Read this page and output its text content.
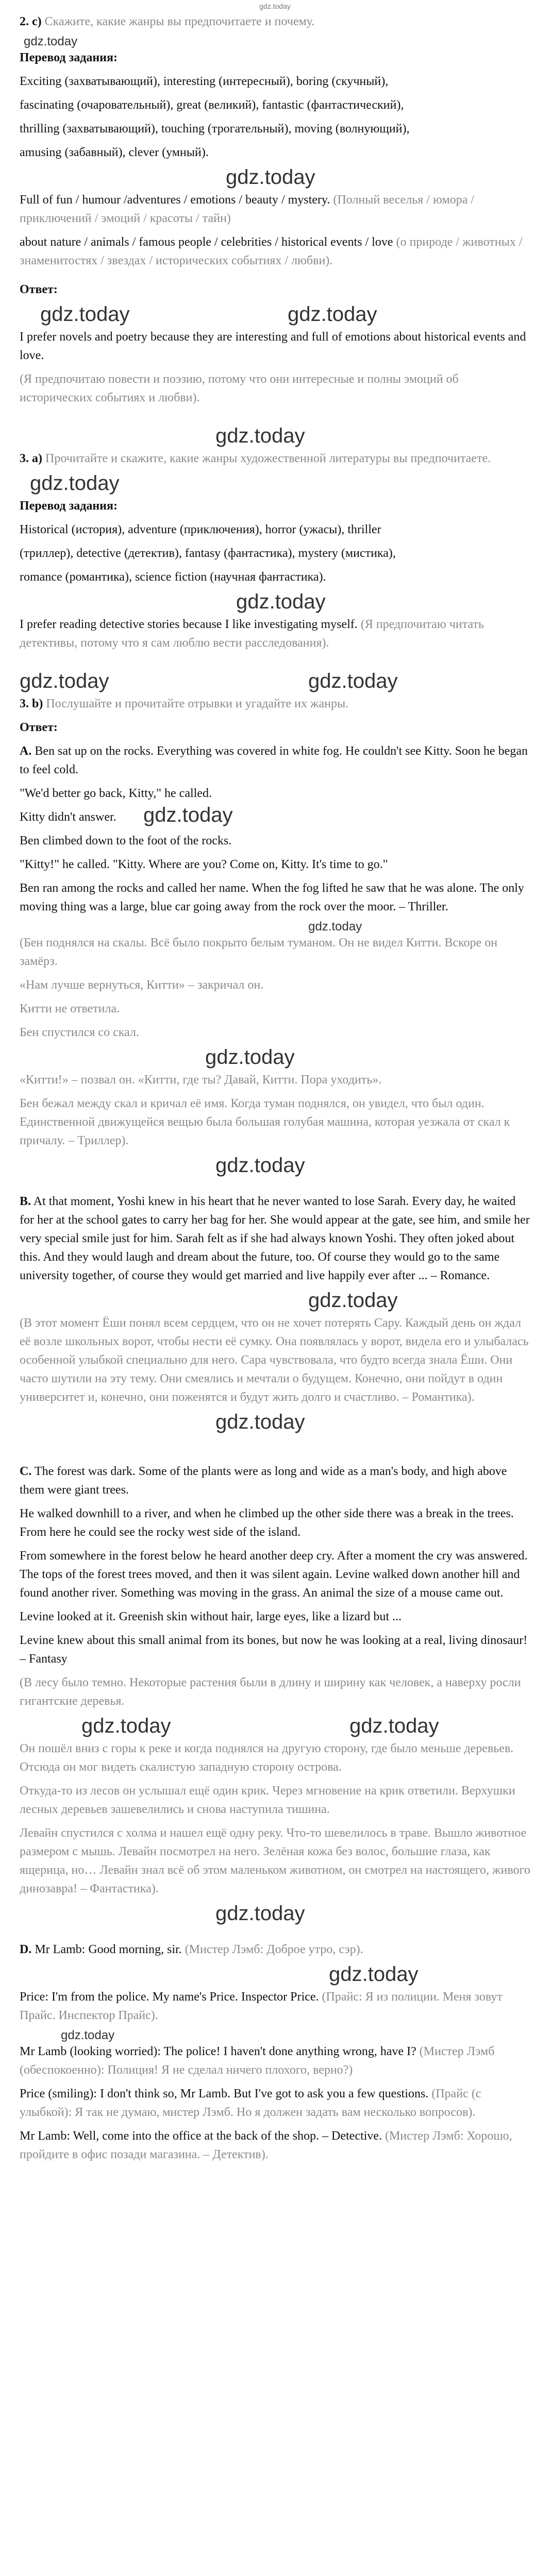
gdz.today

2. c) Скажите, какие жанры вы предпочитаете и почему.

gdz.today

Перевод задания:

Exciting (захватывающий), interesting (интересный), boring (скучный),

fascinating (очаровательный), great (великий), fantastic (фантастический),

thrilling (захватывающий), touching (трогательный), moving (волнующий),

amusing (забавный), clever (умный).

gdz.today

Full of fun / humour /adventures / emotions / beauty / mystery. (Полный веселья / юмора / приключений / эмоций / красоты / тайн)

about nature / animals / famous people / celebrities / historical events / love (о природе / животных / знаменитостях / звездах / исторических событиях / любви).

Ответ:

gdz.today	gdz.today

I prefer novels and poetry because they are interesting and full of emotions about historical events and love.

(Я предпочитаю повести и поэзию, потому что они интересные и полны эмоций об исторических событиях и любви).

gdz.today

3. a) Прочитайте и скажите, какие жанры художественной литературы вы предпочитаете.

gdz.today

Перевод задания:

Historical (история), adventure (приключения), horror (ужасы), thriller

(триллер), detective (детектив), fantasy (фантастика), mystery (мистика),

romance (романтика), science fiction (научная фантастика).

gdz.today

I prefer reading detective stories because I like investigating myself. (Я предпочитаю читать детективы, потому что я сам люблю вести расследования).

gdz.today	gdz.today

3. b) Послушайте и прочитайте отрывки и угадайте их жанры.

Ответ:

A. Ben sat up on the rocks. Everything was covered in white fog. He couldn't see Kitty. Soon he began to feel cold.

"We'd better go back, Kitty," he called.

Kitty didn't answer.	gdz.today

Ben climbed down to the foot of the rocks.

"Kitty!" he called. "Kitty. Where are you? Come on, Kitty. It's time to go."

Ben ran among the rocks and called her name. When the fog lifted he saw that he was alone. The only moving thing was a large, blue car going away from the rock over the moor. – Thriller.

gdz.today

(Бен поднялся на скалы. Всё было покрыто белым туманом. Он не видел Китти. Вскоре он замёрз.

«Нам лучше вернуться, Китти» – закричал он.

Китти не ответила.

Бен спустился со скал.

gdz.today

«Китти!» – позвал он. «Китти, где ты? Давай, Китти. Пора уходить».

Бен бежал между скал и кричал её имя. Когда туман поднялся, он увидел, что был один. Единственной движущейся вещью была большая голубая машина, которая уезжала от скал к причалу. – Триллер).

gdz.today

B. At that moment, Yoshi knew in his heart that he never wanted to lose Sarah. Every day, he waited for her at the school gates to carry her bag for her. She would appear at the gate, see him, and smile her very special smile just for him. Sarah felt as if she had always known Yoshi. They often joked about this. And they would laugh and dream about the future, too. Of course they would go to the same university together, of course they would get married and live happily ever after ... – Romance.

gdz.today

(В этот момент Ёши понял всем сердцем, что он не хочет потерять Сару. Каждый день он ждал её возле школьных ворот, чтобы нести её сумку. Она появлялась у ворот, видела его и улыбалась особенной улыбкой специально для него. Сара чувствовала, что будто всегда знала Ёши. Они часто шутили на эту тему. Они смеялись и мечтали о будущем. Конечно, они пойдут в один университет и, конечно, они поженятся и будут жить долго и счастливо. – Романтика).

gdz.today

C. The forest was dark. Some of the plants were as long and wide as a man's body, and high above them were giant trees.

He walked downhill to a river, and when he climbed up the other side there was a break in the trees. From here he could see the rocky west side of the island.

From somewhere in the forest below he heard another deep cry. After a moment the cry was answered. The tops of the forest trees moved, and then it was silent again. Levine walked down another hill and found another river. Something was moving in the grass. An animal the size of a mouse came out.

Levine looked at it. Greenish skin without hair, large eyes, like a lizard but ...

Levine knew about this small animal from its bones, but now he was looking at a real, living dinosaur! – Fantasy

(В лесу было темно. Некоторые растения были в длину и ширину как человек, а наверху росли гигантские деревья.

gdz.today	gdz.today

Он пошёл вниз с горы к реке и когда поднялся на другую сторону, где было меньше деревьев. Отсюда он мог видеть скалистую западную сторону острова.

Откуда-то из лесов он услышал ещё один крик. Через мгновение на крик ответили. Верхушки лесных деревьев зашевелились и снова наступила тишина.

Левайн спустился с холма и нашел ещё одну реку. Что-то шевелилось в траве. Вышло животное размером с мышь. Левайн посмотрел на него. Зелёная кожа без волос, большие глаза, как ящерица, но… Левайн знал всё об этом маленьком животном, он смотрел на настоящего, живого динозавра! – Фантастика).

gdz.today

D. Mr Lamb: Good morning, sir. (Мистер Лэмб: Доброе утро, сэр).

gdz.today

Price: I'm from the police. My name's Price. Inspector Price. (Прайс: Я из полиции. Меня зовут Прайс. Инспектор Прайс).

gdz.today

Mr Lamb (looking worried): The police! I haven't done anything wrong, have I? (Мистер Лэмб (обеспокоенно): Полиция! Я не сделал ничего плохого, верно?)

Price (smiling): I don't think so, Mr Lamb. But I've got to ask you a few questions. (Прайс (с улыбкой): Я так не думаю, мистер Лэмб. Но я должен задать вам несколько вопросов).

Mr Lamb: Well, come into the office at the back of the shop. – Detective. (Мистер Лэмб: Хорошо, пройдите в офис позади магазина. – Детектив).
